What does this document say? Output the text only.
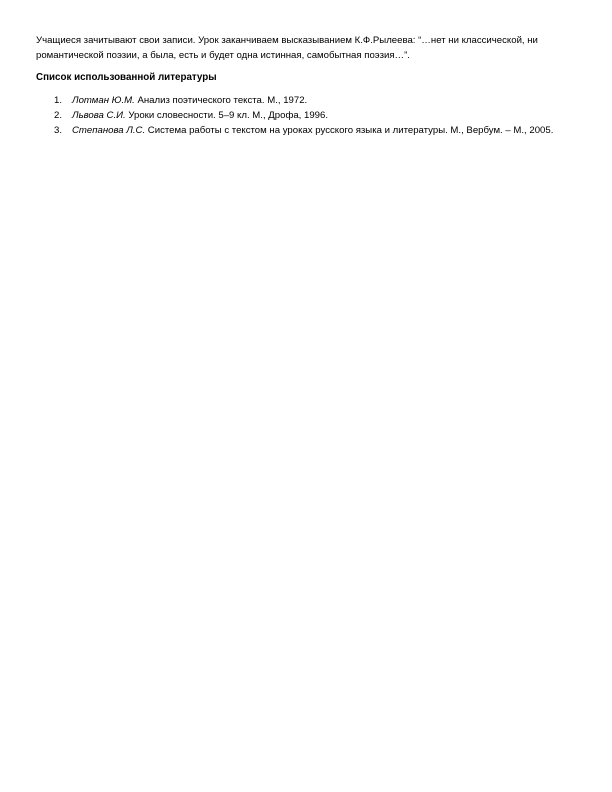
Учащиеся зачитывают свои записи. Урок заканчиваем высказыванием К.Ф.Рылеева: “…нет ни классической, ни романтической поэзии, а была, есть и будет одна истинная, самобытная поэзия…”.

Список использованной литературы
1. Лотман Ю.М. Анализ поэтического текста. М., 1972.
2. Львова С.И. Уроки словесности. 5–9 кл. М., Дрофа, 1996.
3. Степанова Л.С. Система работы с текстом на уроках русского языка и литературы. М., Вербум. – М., 2005.
